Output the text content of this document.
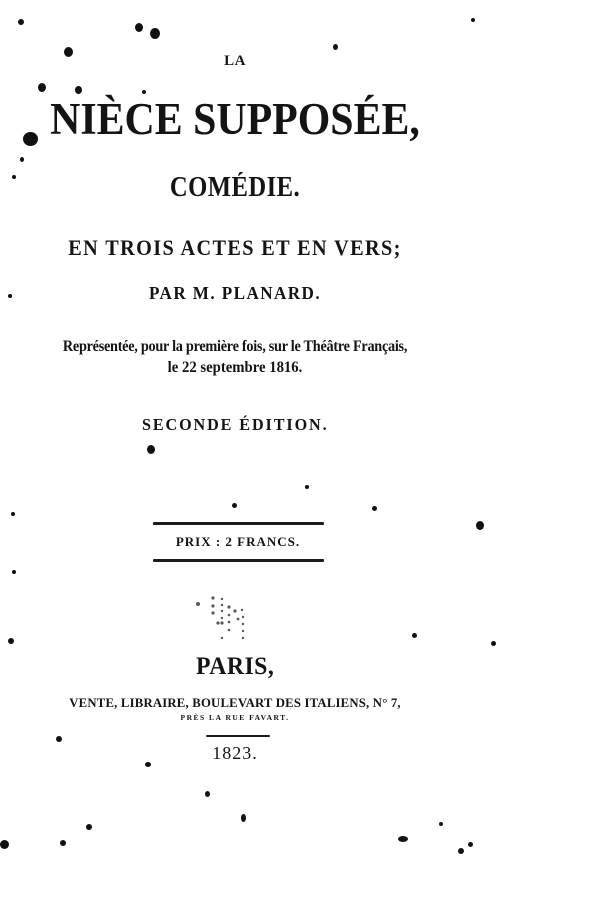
LA
NIÈCE SUPPOSÉE,
COMÉDIE.
EN TROIS ACTES ET EN VERS;
PAR M. PLANARD.
Représentée, pour la première fois, sur le Théâtre Français,
le 22 septembre 1816.
SECONDE ÉDITION.
PRIX : 2 FRANCS.
PARIS,
VENTE, LIBRAIRE, BOULEVART DES ITALIENS, N° 7,
PRÈS LA RUE FAVART.
1823.
